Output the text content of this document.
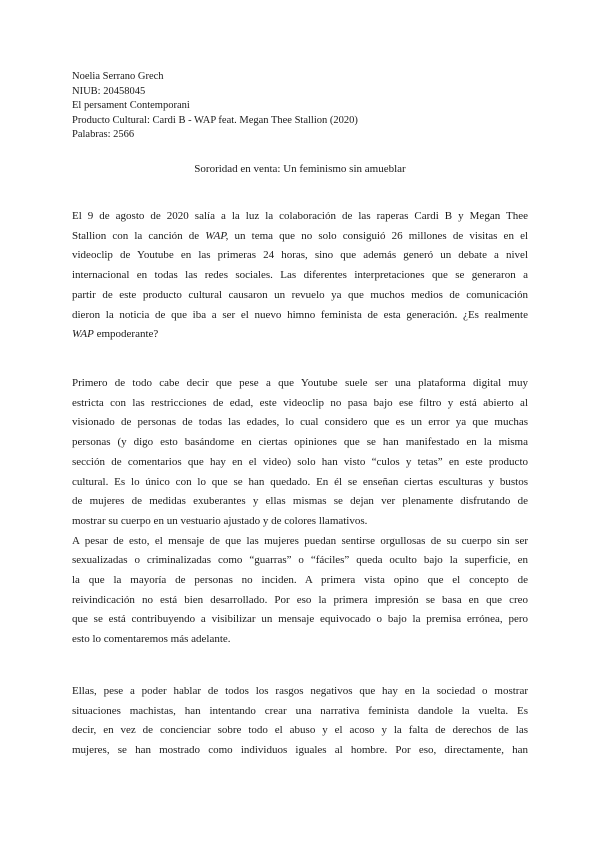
Noelia Serrano Grech
NIUB: 20458045
El persament Contemporani
Producto Cultural: Cardi B - WAP feat. Megan Thee Stallion (2020)
Palabras: 2566
Sororidad en venta: Un feminismo sin amueblar
El 9 de agosto de 2020 salía a la luz la colaboración de las raperas Cardi B y Megan Thee
Stallion con la canción de WAP, un tema que no solo consiguió 26 millones de visitas en el
videoclip de Youtube en las primeras 24 horas, sino que además generó un debate a nivel
internacional en todas las redes sociales. Las diferentes interpretaciones que se generaron a
partir de este producto cultural causaron un revuelo ya que muchos medios de comunicación
dieron la noticia de que iba a ser el nuevo himno feminista de esta generación. ¿Es realmente
WAP empoderante?
Primero de todo cabe decir que pese a que Youtube suele ser una plataforma digital muy
estricta con las restricciones de edad, este videoclip no pasa bajo ese filtro y está abierto al
visionado de personas de todas las edades, lo cual considero que es un error ya que muchas
personas (y digo esto basándome en ciertas opiniones que se han manifestado en la misma
sección de comentarios que hay en el video) solo han visto “culos y tetas” en este producto
cultural. Es lo único con lo que se han quedado. En él se enseñan ciertas esculturas y bustos
de mujeres de medidas exuberantes y ellas mismas se dejan ver plenamente disfrutando de
mostrar su cuerpo en un vestuario ajustado y de colores llamativos.
A pesar de esto, el mensaje de que las mujeres puedan sentirse orgullosas de su cuerpo sin ser
sexualizadas o criminalizadas como “guarras” o “fáciles” queda oculto bajo la superficie, en
la que la mayoría de personas no inciden. A primera vista opino que el concepto de
reivindicación no está bien desarrollado. Por eso la primera impresión se basa en que creo
que se está contribuyendo a visibilizar un mensaje equivocado o bajo la premisa errónea, pero
esto lo comentaremos más adelante.
Ellas, pese a poder hablar de todos los rasgos negativos que hay en la sociedad o mostrar
situaciones machistas, han intentando crear una narrativa feminista dandole la vuelta. Es
decir, en vez de concienciar sobre todo el abuso y el acoso y la falta de derechos de las
mujeres, se han mostrado como individuos iguales al hombre. Por eso, directamente, han
